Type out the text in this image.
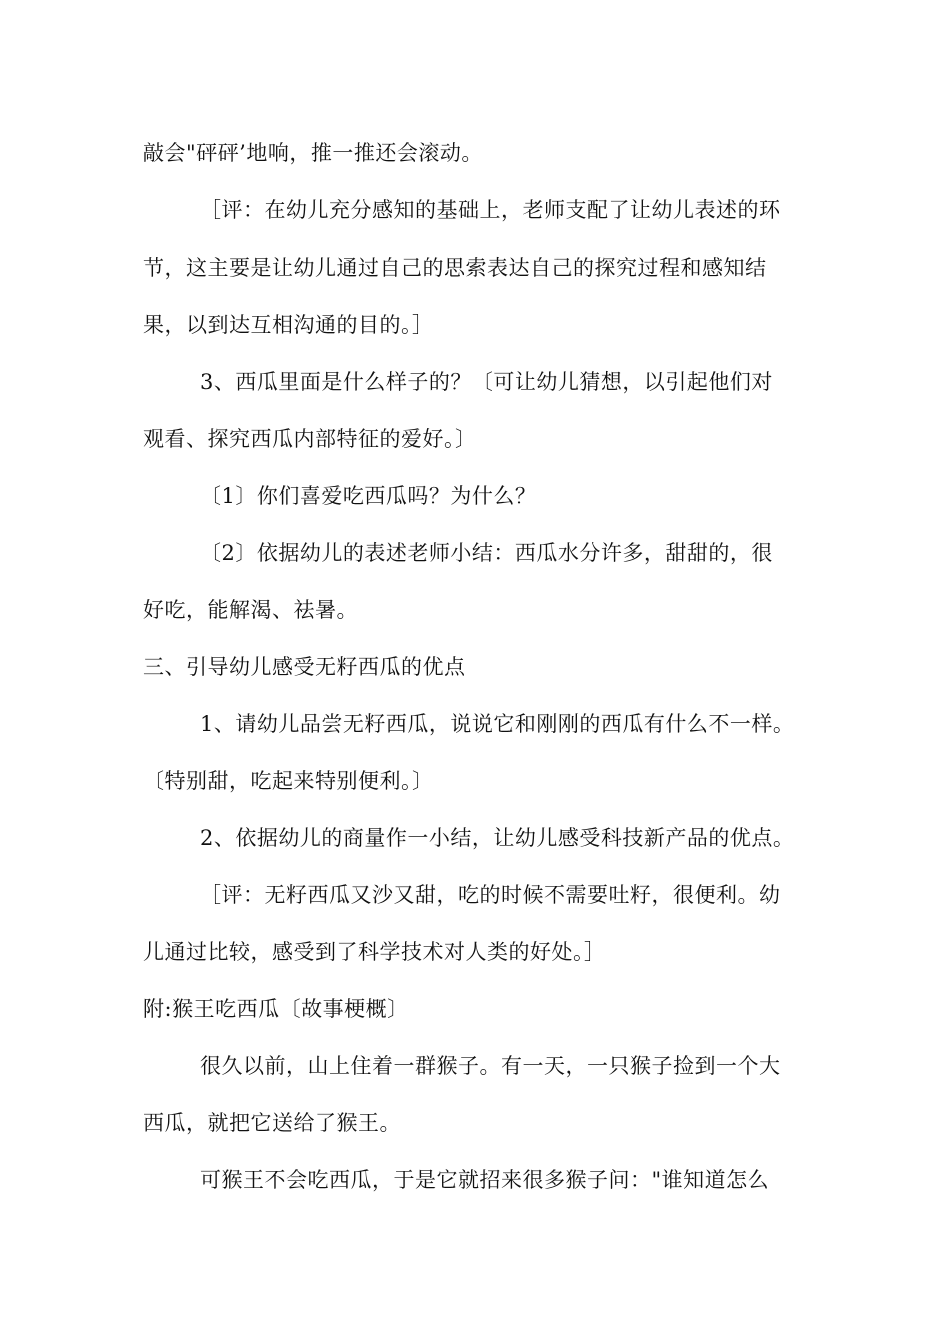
敲会"砰砰’地响，推一推还会滚动。
［评：在幼儿充分感知的基础上，老师支配了让幼儿表述的环
节，这主要是让幼儿通过自己的思索表达自己的探究过程和感知结
果，以到达互相沟通的目的。］
3、西瓜里面是什么样子的？〔可让幼儿猜想，以引起他们对
观看、探究西瓜内部特征的爱好。〕
〔1〕你们喜爱吃西瓜吗？为什么？
〔2〕依据幼儿的表述老师小结：西瓜水分许多，甜甜的，很
好吃，能解渴、祛暑。
三、引导幼儿感受无籽西瓜的优点
1、请幼儿品尝无籽西瓜，说说它和刚刚的西瓜有什么不一样。
〔特别甜，吃起来特别便利。〕
2、依据幼儿的商量作一小结，让幼儿感受科技新产品的优点。
［评：无籽西瓜又沙又甜，吃的时候不需要吐籽，很便利。幼
儿通过比较，感受到了科学技术对人类的好处。］
附:猴王吃西瓜〔故事梗概〕
很久以前，山上住着一群猴子。有一天，一只猴子捡到一个大
西瓜，就把它送给了猴王。
可猴王不会吃西瓜，于是它就招来很多猴子问："谁知道怎么
